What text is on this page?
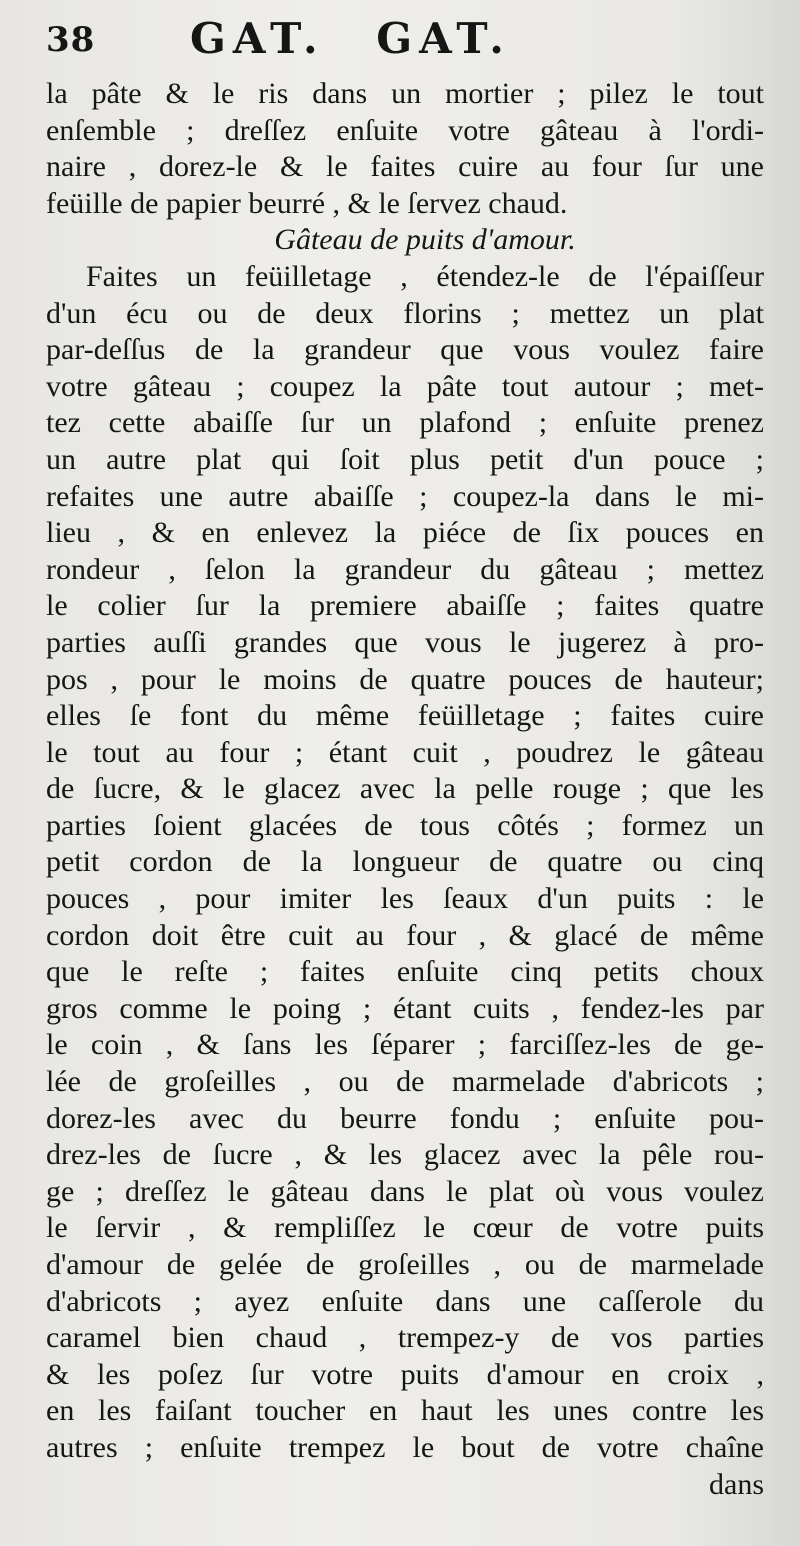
38 GAT. GAT.
la pâte & le ris dans un mortier ; pilez le tout
enſemble ; dreſſez enſuite votre gâteau à l'ordi-
naire , dorez-le & le faites cuire au four ſur une
feüille de papier beurré , & le ſervez chaud.
Gâteau de puits d'amour.
Faites un feüilletage , étendez-le de l'épaiſſeur
d'un écu ou de deux florins ; mettez un plat
par-deſſus de la grandeur que vous voulez faire
votre gâteau ; coupez la pâte tout autour ; met-
tez cette abaiſſe ſur un plafond ; enſuite prenez
un autre plat qui ſoit plus petit d'un pouce ;
refaites une autre abaiſſe ; coupez-la dans le mi-
lieu , & en enlevez la piéce de ſix pouces en
rondeur , ſelon la grandeur du gâteau ; mettez
le colier ſur la premiere abaiſſe ; faites quatre
parties auſſi grandes que vous le jugerez à pro-
pos , pour le moins de quatre pouces de hauteur;
elles ſe font du même feüilletage ; faites cuire
le tout au four ; étant cuit , poudrez le gâteau
de ſucre, & le glacez avec la pelle rouge ; que les
parties ſoient glacées de tous côtés ; formez un
petit cordon de la longueur de quatre ou cinq
pouces , pour imiter les ſeaux d'un puits : le
cordon doit être cuit au four , & glacé de même
que le reſte ; faites enſuite cinq petits choux
gros comme le poing ; étant cuits , fendez-les par
le coin , & ſans les ſéparer ; farciſſez-les de ge-
lée de groſeilles , ou de marmelade d'abricots ;
dorez-les avec du beurre fondu ; enſuite pou-
drez-les de ſucre , & les glacez avec la pêle rou-
ge ; dreſſez le gâteau dans le plat où vous voulez
le ſervir , & rempliſſez le cœur de votre puits
d'amour de gelée de groſeilles , ou de marmelade
d'abricots ; ayez enſuite dans une caſſerole du
caramel bien chaud , trempez-y de vos parties
& les poſez ſur votre puits d'amour en croix ,
en les faiſant toucher en haut les unes contre les
autres ; enſuite trempez le bout de votre chaîne
dans
